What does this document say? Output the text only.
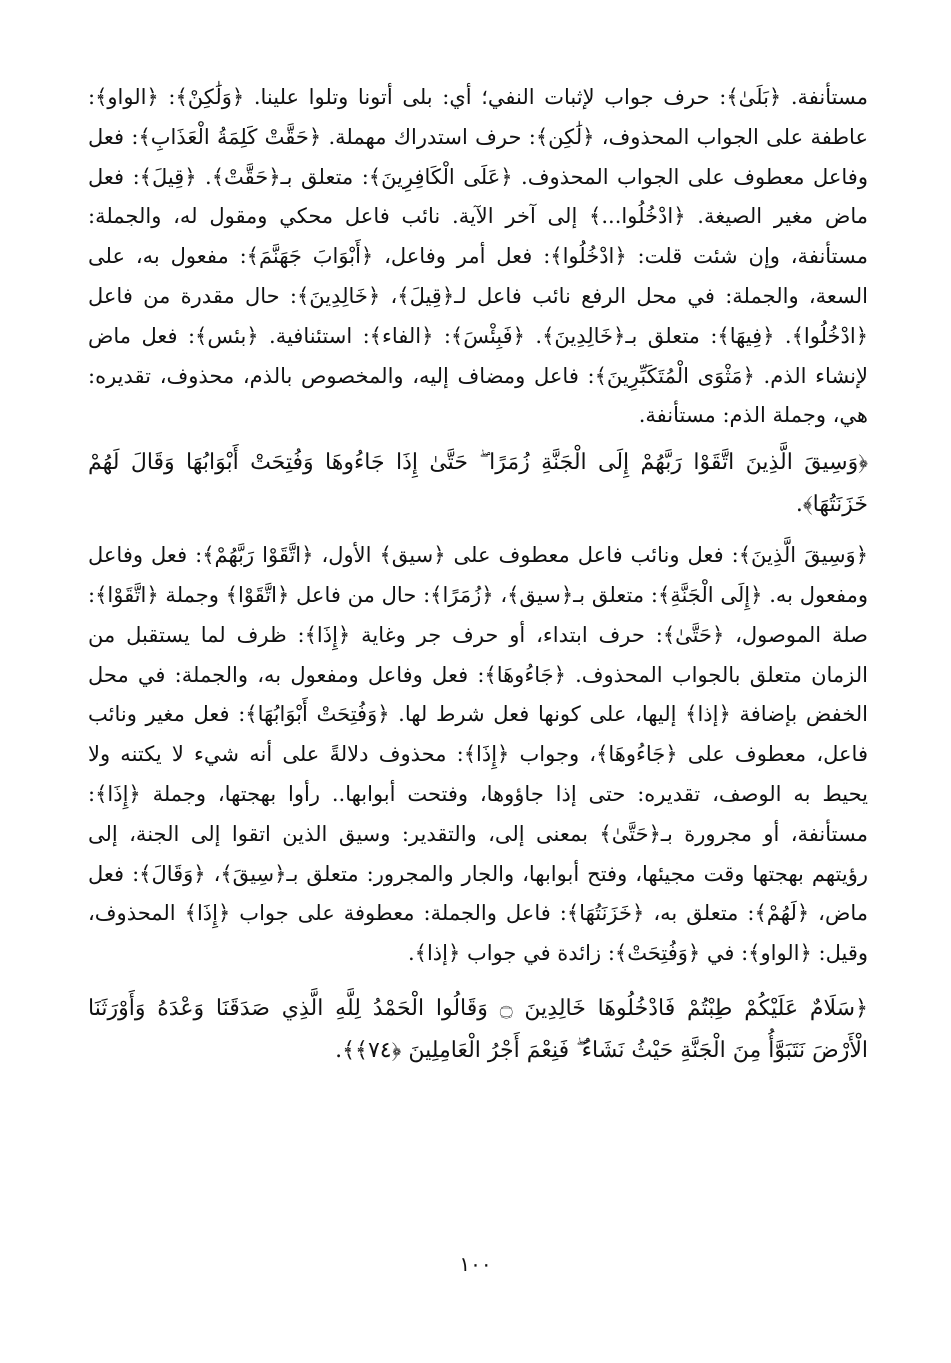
مستأنفة. ﴿بَلَىٰ﴾: حرف جواب لإثبات النفي؛ أي: بلى أتونا وتلوا علينا. ﴿وَلَٰكِنْ﴾: ﴿الواو﴾: عاطفة على الجواب المحذوف، ﴿لَٰكِن﴾: حرف استدراك مهملة. ﴿حَقَّتْ كَلِمَةُ الْعَذَابِ﴾: فعل وفاعل معطوف على الجواب المحذوف. ﴿عَلَى الْكَافِرِينَ﴾: متعلق بـ﴿حَقَّتْ﴾. ﴿قِيلَ﴾: فعل ماض مغير الصيغة. ﴿ادْخُلُوا...﴾ إلى آخر الآية. نائب فاعل محكي ومقول له، والجملة: مستأنفة، وإن شئت قلت: ﴿ادْخُلُوا﴾: فعل أمر وفاعل، ﴿أَبْوَابَ جَهَنَّمَ﴾: مفعول به، على السعة، والجملة: في محل الرفع نائب فاعل لـ﴿قِيلَ﴾، ﴿خَالِدِينَ﴾: حال مقدرة من فاعل ﴿ادْخُلُوا﴾. ﴿فِيهَا﴾: متعلق بـ﴿خَالِدِينَ﴾. ﴿فَبِئْسَ﴾: ﴿الفاء﴾: استئنافية. ﴿بئس﴾: فعل ماض لإنشاء الذم. ﴿مَثْوَى الْمُتَكَبِّرِينَ﴾: فاعل ومضاف إليه، والمخصوص بالذم، محذوف، تقديره: هي، وجملة الذم: مستأنفة.

﴿وَسِيقَ الَّذِينَ اتَّقَوْا رَبَّهُمْ إِلَى الْجَنَّةِ زُمَرًا ۖ حَتَّىٰ إِذَا جَاءُوهَا وَفُتِحَتْ أَبْوَابُهَا وَقَالَ لَهُمْ خَزَنَتُهَا﴾.

﴿وَسِيقَ الَّذِينَ﴾: فعل ونائب فاعل معطوف على ﴿سيق﴾ الأول، ﴿اتَّقَوْا رَبَّهُمْ﴾: فعل وفاعل ومفعول به. ﴿إِلَى الْجَنَّةِ﴾: متعلق بـ﴿سيق﴾، ﴿زُمَرًا﴾: حال من فاعل ﴿اتَّقَوْا﴾ وجملة ﴿اتَّقَوْا﴾: صلة الموصول، ﴿حَتَّىٰ﴾: حرف ابتداء، أو حرف جر وغاية ﴿إِذَا﴾: ظرف لما يستقبل من الزمان متعلق بالجواب المحذوف. ﴿جَاءُوهَا﴾: فعل وفاعل ومفعول به، والجملة: في محل الخفض بإضافة ﴿إذا﴾ إليها، على كونها فعل شرط لها. ﴿وَفُتِحَتْ أَبْوَابُهَا﴾: فعل مغير ونائب فاعل، معطوف على ﴿جَاءُوهَا﴾، وجواب ﴿إِذَا﴾: محذوف دلالةً على أنه شيء لا يكتنه ولا يحيط به الوصف، تقديره: حتى إذا جاؤوها، وفتحت أبوابها.. رأوا بهجتها، وجملة ﴿إِذَا﴾: مستأنفة، أو مجرورة بـ﴿حَتَّىٰ﴾ بمعنى إلى، والتقدير: وسيق الذين اتقوا إلى الجنة، إلى رؤيتهم بهجتها وقت مجيئها، وفتح أبوابها، والجار والمجرور: متعلق بـ﴿سِيقَ﴾، ﴿وَقَالَ﴾: فعل ماض، ﴿لَهُمْ﴾: متعلق به، ﴿خَزَنَتُهَا﴾: فاعل والجملة: معطوفة على جواب ﴿إِذَا﴾ المحذوف، وقيل: ﴿الواو﴾: في ﴿وَفُتِحَتْ﴾: زائدة في جواب ﴿إذا﴾.

﴿سَلَامٌ عَلَيْكُمْ طِبْتُمْ فَادْخُلُوهَا خَالِدِينَ ۝ وَقَالُوا الْحَمْدُ لِلَّهِ الَّذِي صَدَقَنَا وَعْدَهُ وَأَوْرَثَنَا الْأَرْضَ نَتَبَوَّأُ مِنَ الْجَنَّةِ حَيْثُ نَشَاءُ ۖ فَنِعْمَ أَجْرُ الْعَامِلِينَ ﴿٧٤﴾﴾.

١٠٠
